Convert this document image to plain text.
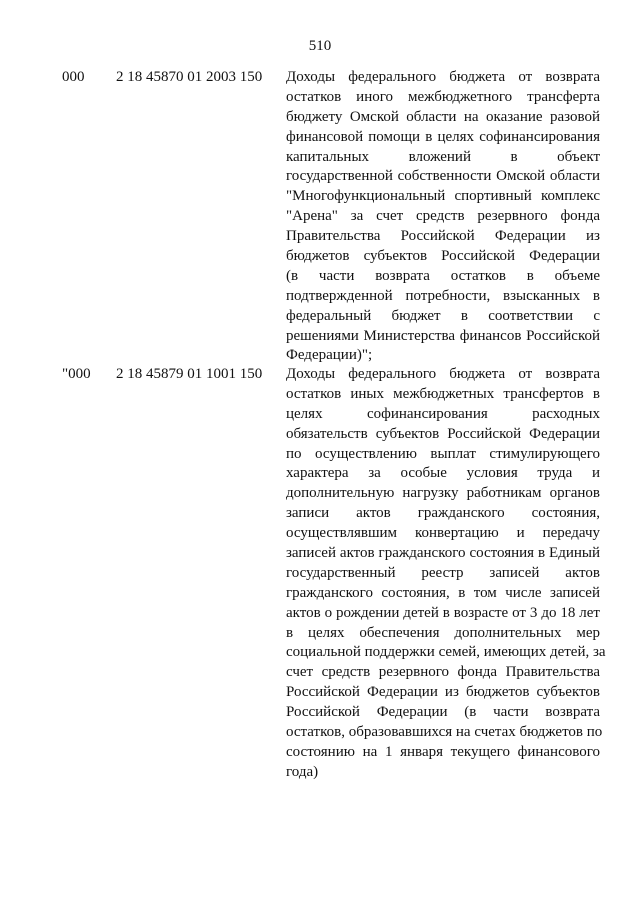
510
000 2 18 45870 01 2003 150 Доходы федерального бюджета от возврата
остатков иного межбюджетного трансферта
бюджету Омской области на оказание разовой
финансовой помощи в целях софинансирования
капитальных вложений в объект
государственной собственности Омской области
"Многофункциональный спортивный комплекс
"Арена" за счет средств резервного фонда
Правительства Российской Федерации из
бюджетов субъектов Российской Федерации
(в части возврата остатков в объеме
подтвержденной потребности, взысканных в
федеральный бюджет в соответствии с
решениями Министерства финансов Российской
Федерации)";
"000 2 18 45879 01 1001 150 Доходы федерального бюджета от возврата
остатков иных межбюджетных трансфертов в
целях софинансирования расходных
обязательств субъектов Российской Федерации
по осуществлению выплат стимулирующего
характера за особые условия труда и
дополнительную нагрузку работникам органов
записи актов гражданского состояния,
осуществлявшим конвертацию и передачу
записей актов гражданского состояния в Единый
государственный реестр записей актов
гражданского состояния, в том числе записей
актов о рождении детей в возрасте от 3 до 18 лет
в целях обеспечения дополнительных мер
социальной поддержки семей, имеющих детей, за
счет средств резервного фонда Правительства
Российской Федерации из бюджетов субъектов
Российской Федерации (в части возврата
остатков, образовавшихся на счетах бюджетов по
состоянию на 1 января текущего финансового
года)
